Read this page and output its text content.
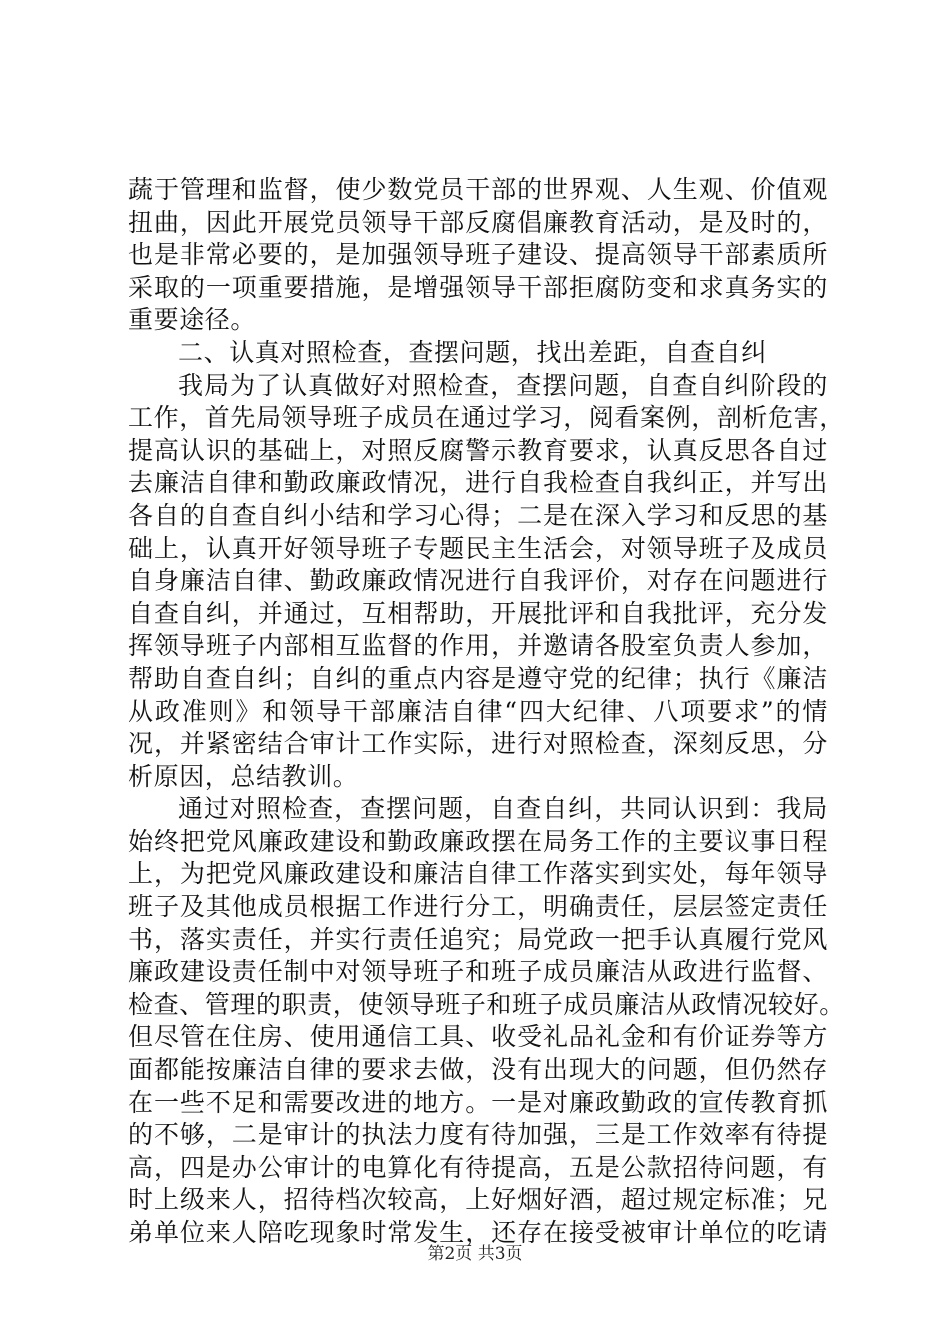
蔬于管理和监督，使少数党员干部的世界观、人生观、价值观
扭曲，因此开展党员领导干部反腐倡廉教育活动，是及时的，
也是非常必要的，是加强领导班子建设、提高领导干部素质所
采取的一项重要措施，是增强领导干部拒腐防变和求真务实的
重要途径。
二、认真对照检查，查摆问题，找出差距，自查自纠
我局为了认真做好对照检查，查摆问题，自查自纠阶段的
工作，首先局领导班子成员在通过学习，阅看案例，剖析危害，
提高认识的基础上，对照反腐警示教育要求，认真反思各自过
去廉洁自律和勤政廉政情况，进行自我检查自我纠正，并写出
各自的自查自纠小结和学习心得；二是在深入学习和反思的基
础上，认真开好领导班子专题民主生活会，对领导班子及成员
自身廉洁自律、勤政廉政情况进行自我评价，对存在问题进行
自查自纠，并通过，互相帮助，开展批评和自我批评，充分发
挥领导班子内部相互监督的作用，并邀请各股室负责人参加，
帮助自查自纠；自纠的重点内容是遵守党的纪律；执行《廉洁
从政准则》和领导干部廉洁自律“四大纪律、八项要求”的情
况，并紧密结合审计工作实际，进行对照检查，深刻反思，分
析原因，总结教训。
通过对照检查，查摆问题，自查自纠，共同认识到：我局
始终把党风廉政建设和勤政廉政摆在局务工作的主要议事日程
上，为把党风廉政建设和廉洁自律工作落实到实处，每年领导
班子及其他成员根据工作进行分工，明确责任，层层签定责任
书，落实责任，并实行责任追究；局党政一把手认真履行党风
廉政建设责任制中对领导班子和班子成员廉洁从政进行监督、
检查、管理的职责，使领导班子和班子成员廉洁从政情况较好。
但尽管在住房、使用通信工具、收受礼品礼金和有价证券等方
面都能按廉洁自律的要求去做，没有出现大的问题，但仍然存
在一些不足和需要改进的地方。一是对廉政勤政的宣传教育抓
的不够，二是审计的执法力度有待加强，三是工作效率有待提
高，四是办公审计的电算化有待提高，五是公款招待问题，有
时上级来人，招待档次较高，上好烟好酒，超过规定标准；兄
弟单位来人陪吃现象时常发生，还存在接受被审计单位的吃请
第2页 共3页
